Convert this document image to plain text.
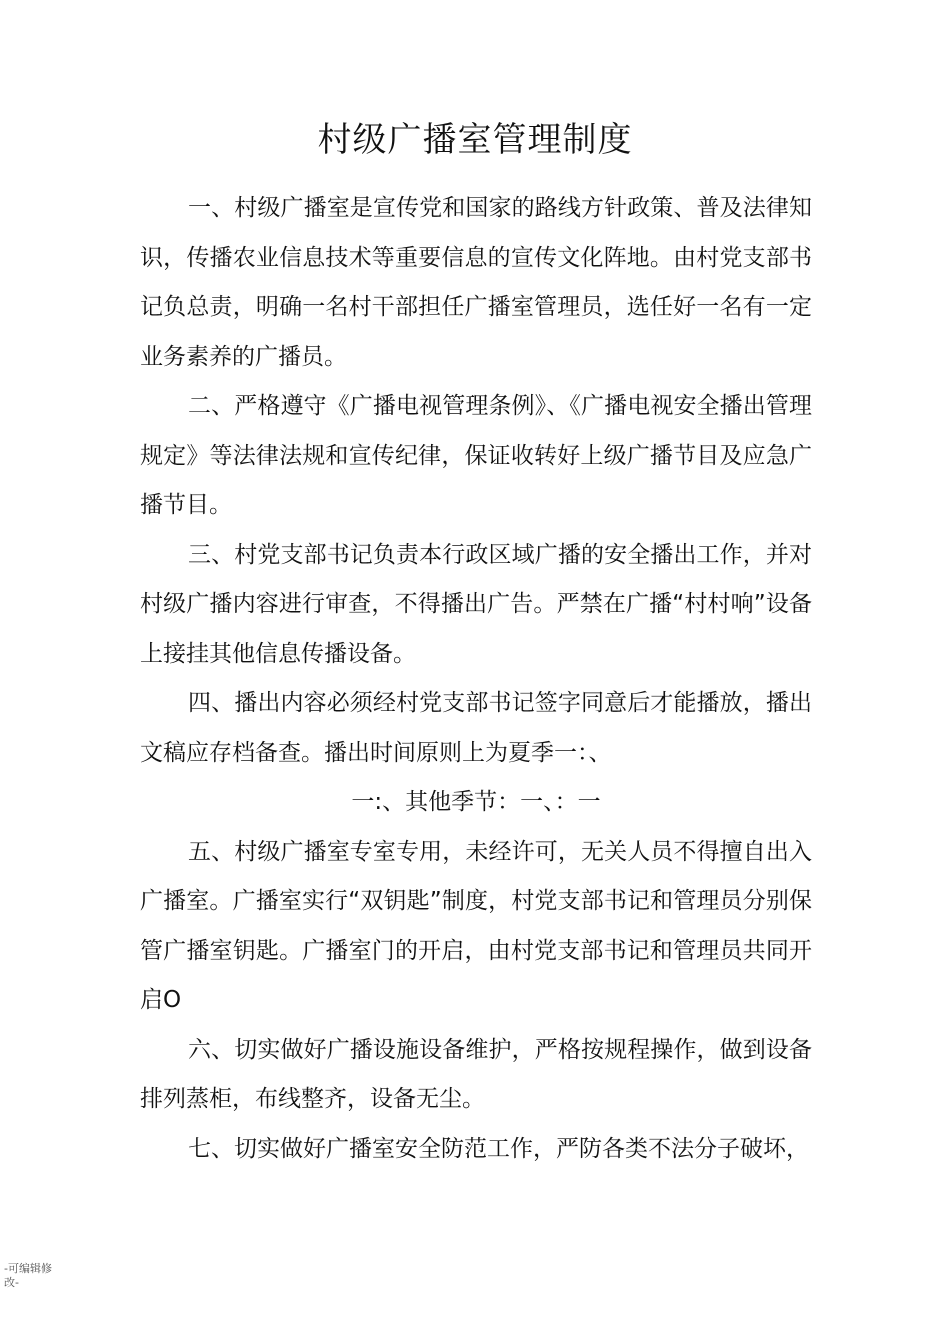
村级广播室管理制度

一、村级广播室是宣传党和国家的路线方针政策、普及法律知识，传播农业信息技术等重要信息的宣传文化阵地。由村党支部书记负总责，明确一名村干部担任广播室管理员，选任好一名有一定业务素养的广播员。

二、严格遵守《广播电视管理条例》、《广播电视安全播出管理规定》等法律法规和宣传纪律，保证收转好上级广播节目及应急广播节目。

三、村党支部书记负责本行政区域广播的安全播出工作，并对村级广播内容进行审查，不得播出广告。严禁在广播“村村响”设备上接挂其他信息传播设备。

四、播出内容必须经村党支部书记签字同意后才能播放，播出文稿应存档备查。播出时间原则上为夏季一：、

一:、其他季节：一、：一

五、村级广播室专室专用，未经许可，无关人员不得擅自出入广播室。广播室实行“双钥匙”制度，村党支部书记和管理员分别保管广播室钥匙。广播室门的开启，由村党支部书记和管理员共同开启O

六、切实做好广播设施设备维护，严格按规程操作，做到设备排列蒸柜，布线整齐，设备无尘。

七、切实做好广播室安全防范工作，严防各类不法分子破坏，

-可编辑修改-
